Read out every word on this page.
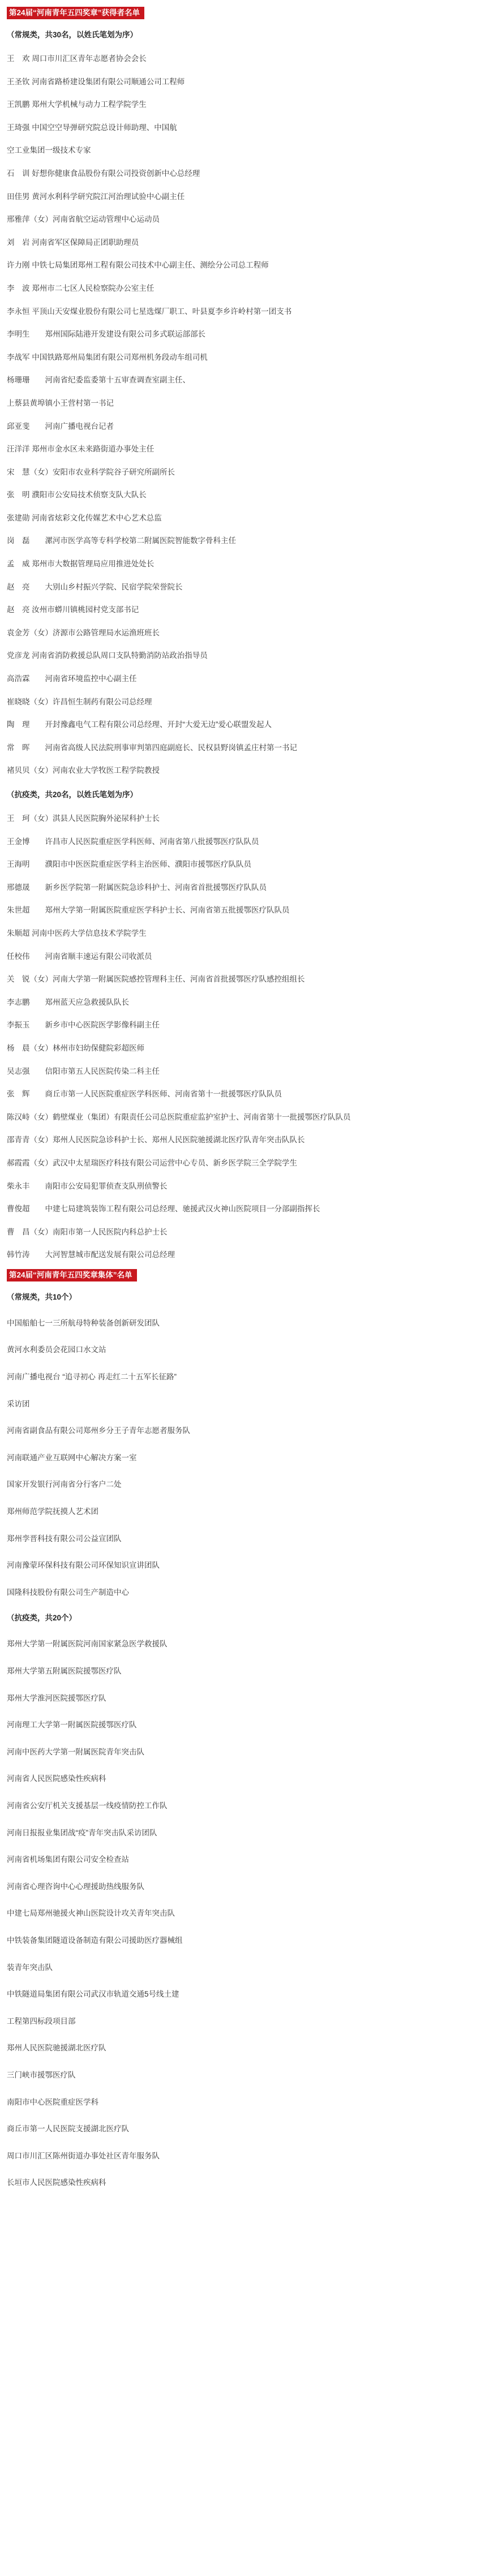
第24届“河南青年五四奖章”获得者名单
（常规类，共30名，以姓氏笔划为序）
王　欢 周口市川汇区青年志愿者协会会长
王圣钦 河南省路桥建设集团有限公司顺通公司工程师
王凯鹏 郑州大学机械与动力工程学院学生
王琦强 中国空空导弹研究院总设计师助理、中国航
空工业集团一级技术专家
石　训 好想你健康食品股份有限公司投资创新中心总经理
田佳男 黄河水利科学研究院江河治理试验中心副主任
邢雅萍（女）河南省航空运动管理中心运动员
刘　岩 河南省军区保障局正团职助理员
许力刚 中铁七局集团郑州工程有限公司技术中心副主任、测绘分公司总工程师
李　波 郑州市二七区人民检察院办公室主任
李永恒 平顶山天安煤业股份有限公司七星选煤厂职工、叶县夏李乡许岭村第一团支书
李明生　　郑州国际陆港开发建设有限公司多式联运部部长
李战军 中国铁路郑州局集团有限公司郑州机务段动车组司机
杨珊珊　　河南省纪委监委第十五审查调查室副主任、
上蔡县黄埠镇小王营村第一书记
邱亚斐　　河南广播电视台记者
汪洋洋 郑州市金水区未来路街道办事处主任
宋　慧（女）安阳市农业科学院谷子研究所副所长
张　明 濮阳市公安局技术侦察支队大队长
张建勋 河南省炫彩文化传媒艺术中心艺术总监
岗　磊　　漯河市医学高等专科学校第二附属医院智能数字骨科主任
孟　威 郑州市大数据管理局应用推进处处长
赵　亮　　大别山乡村振兴学院、民宿学院荣誉院长
赵　亮 汝州市蟒川镇桃园村党支部书记
袁金芳（女）济源市公路管理局水运渔班班长
党彦龙 河南省消防救援总队周口支队特勤消防站政治指导员
高浩霖　　河南省环境监控中心副主任
崔晓晓（女）许昌恒生制药有限公司总经理
陶　理　　开封豫鑫电气工程有限公司总经理、开封“大爱无边”爱心联盟发起人
常　晖　　河南省高级人民法院刑事审判第四庭副庭长、民权县野岗镇孟庄村第一书记
褚贝贝（女）河南农业大学牧医工程学院教授
（抗疫类，共20名，以姓氏笔划为序）
王　珂（女）淇县人民医院胸外泌尿科护士长
王金博　　许昌市人民医院重症医学科医师、河南省第八批援鄂医疗队队员
王海明　　濮阳市中医医院重症医学科主治医师、濮阳市援鄂医疗队队员
邢德晟　　新乡医学院第一附属医院急诊科护士、河南省首批援鄂医疗队队员
朱世超　　郑州大学第一附属医院重症医学科护士长、河南省第五批援鄂医疗队队员
朱顺超 河南中医药大学信息技术学院学生
任校伟　　河南省顺丰速运有限公司收派员
关　锐（女）河南大学第一附属医院感控管理科主任、河南省首批援鄂医疗队感控组组长
李志鹏　　郑州蓝天应急救援队队长
李振玉　　新乡市中心医院医学影像科副主任
杨　晨（女）林州市妇幼保健院彩超医师
吴志强　　信阳市第五人民医院传染二科主任
张　辉　　商丘市第一人民医院重症医学科医师、河南省第十一批援鄂医疗队队员
陈汉峙（女）鹤壁煤业（集团）有限责任公司总医院重症监护室护士、河南省第十一批援鄂医疗队队员
邵青青（女）郑州人民医院急诊科护士长、郑州人民医院驰援湖北医疗队青年突击队队长
郝霞霞（女）武汉中太星瑞医疗科技有限公司运营中心专员、新乡医学院三全学院学生
柴永丰　　南阳市公安局犯罪侦查支队刑侦警长
曹俊超　　中建七局建筑装饰工程有限公司总经理、驰援武汉火神山医院项目一分部副指挥长
曹　昌（女）南阳市第一人民医院内科总护士长
韩竹涛　　大河智慧城市配送发展有限公司总经理
第24届“河南青年五四奖章集体”名单
（常规类，共10个）
中国船舶七一三所航母特种装备创新研发团队
黄河水利委员会花园口水文站
河南广播电视台 “追寻初心 再走红二十五军长征路”
采访团
河南省副食品有限公司郑州乡分王子青年志愿者服务队
河南联通产业互联网中心解决方案一室
国家开发银行河南省分行客户二处
郑州师范学院抚摸人艺术团
郑州孪晋科技有限公司公益宣团队
河南豫蒙环保科技有限公司环保知识宣讲团队
国隆科技股份有限公司生产制造中心
（抗疫类，共20个）
郑州大学第一附属医院河南国家紧急医学救援队
郑州大学第五附属医院援鄂医疗队
郑州大学淮河医院援鄂医疗队
河南理工大学第一附属医院援鄂医疗队
河南中医药大学第一附属医院青年突击队
河南省人民医院感染性疾病科
河南省公安厅机关支援基层一线疫情防控工作队
河南日报报业集团战“疫”青年突击队采访团队
河南省机场集团有限公司安全检查站
河南省心理咨询中心心理援助热线服务队
中建七局郑州驰援火神山医院设计攻关青年突击队
中铁装备集团隧道设备制造有限公司援助医疗器械组
装青年突击队
中铁隧道局集团有限公司武汉市轨道交通5号线土建
工程第四标段项目部
郑州人民医院驰援湖北医疗队
三门峡市援鄂医疗队
南阳市中心医院重症医学科
商丘市第一人民医院支援湖北医疗队
周口市川汇区陈州街道办事处社区青年服务队
长垣市人民医院感染性疾病科
